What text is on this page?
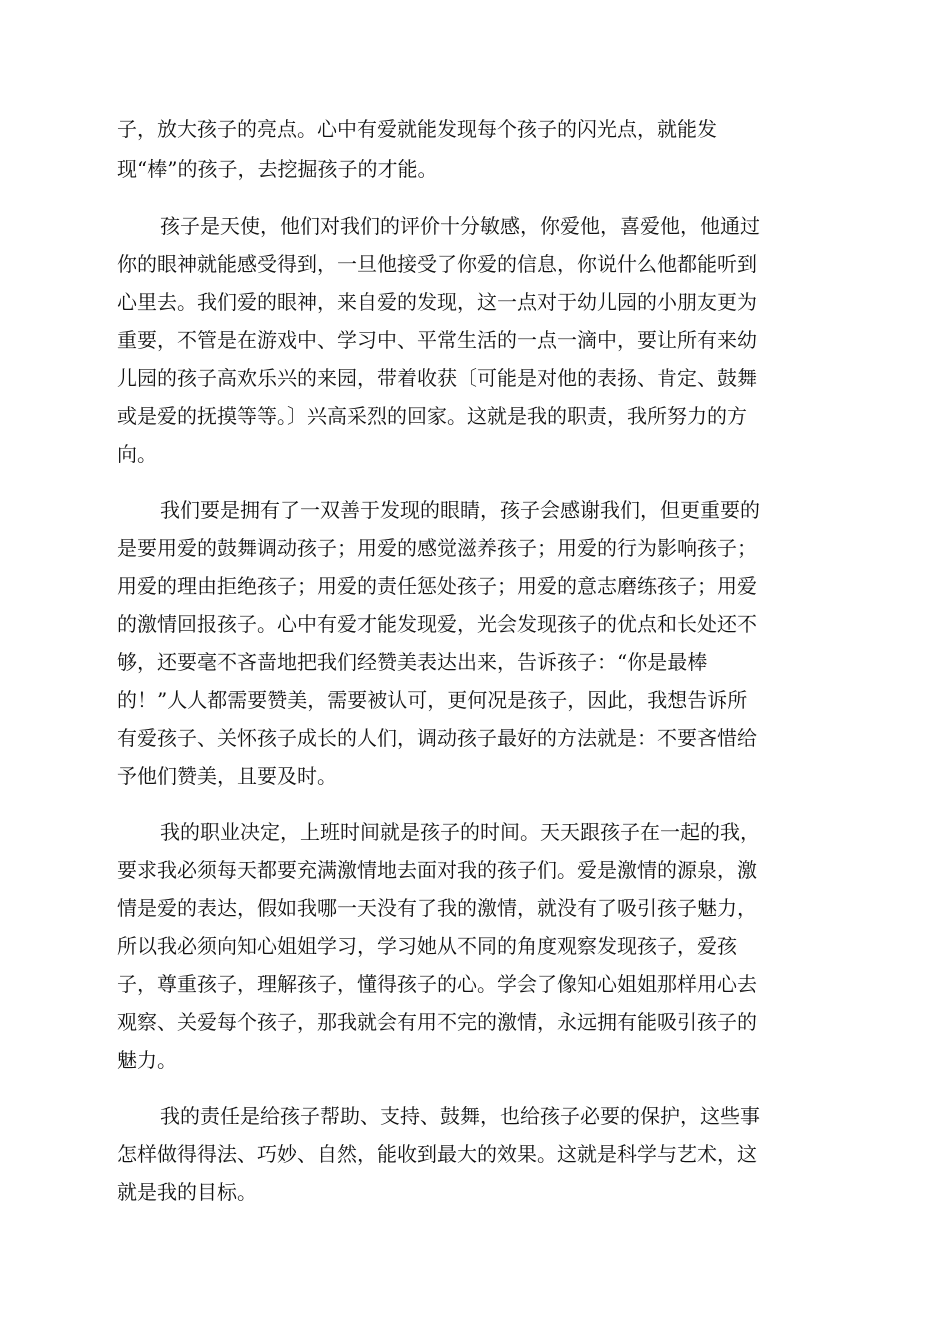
子，放大孩子的亮点。心中有爱就能发现每个孩子的闪光点，就能发
现“棒”的孩子，去挖掘孩子的才能。
孩子是天使，他们对我们的评价十分敏感，你爱他，喜爱他，他通过
你的眼神就能感受得到，一旦他接受了你爱的信息，你说什么他都能听到
心里去。我们爱的眼神，来自爱的发现，这一点对于幼儿园的小朋友更为
重要，不管是在游戏中、学习中、平常生活的一点一滴中，要让所有来幼
儿园的孩子高欢乐兴的来园，带着收获〔可能是对他的表扬、肯定、鼓舞
或是爱的抚摸等等。〕兴高采烈的回家。这就是我的职责，我所努力的方
向。
我们要是拥有了一双善于发现的眼睛，孩子会感谢我们，但更重要的
是要用爱的鼓舞调动孩子；用爱的感觉滋养孩子；用爱的行为影响孩子；
用爱的理由拒绝孩子；用爱的责任惩处孩子；用爱的意志磨练孩子；用爱
的激情回报孩子。心中有爱才能发现爱，光会发现孩子的优点和长处还不
够，还要毫不吝啬地把我们经赞美表达出来，告诉孩子：“你是最棒
的！”人人都需要赞美，需要被认可，更何况是孩子，因此，我想告诉所
有爱孩子、关怀孩子成长的人们，调动孩子最好的方法就是：不要吝惜给
予他们赞美，且要及时。
我的职业决定，上班时间就是孩子的时间。天天跟孩子在一起的我，
要求我必须每天都要充满激情地去面对我的孩子们。爱是激情的源泉，激
情是爱的表达，假如我哪一天没有了我的激情，就没有了吸引孩子魅力，
所以我必须向知心姐姐学习，学习她从不同的角度观察发现孩子，爱孩
子，尊重孩子，理解孩子，懂得孩子的心。学会了像知心姐姐那样用心去
观察、关爱每个孩子，那我就会有用不完的激情，永远拥有能吸引孩子的
魅力。
我的责任是给孩子帮助、支持、鼓舞，也给孩子必要的保护，这些事
怎样做得得法、巧妙、自然，能收到最大的效果。这就是科学与艺术，这
就是我的目标。
